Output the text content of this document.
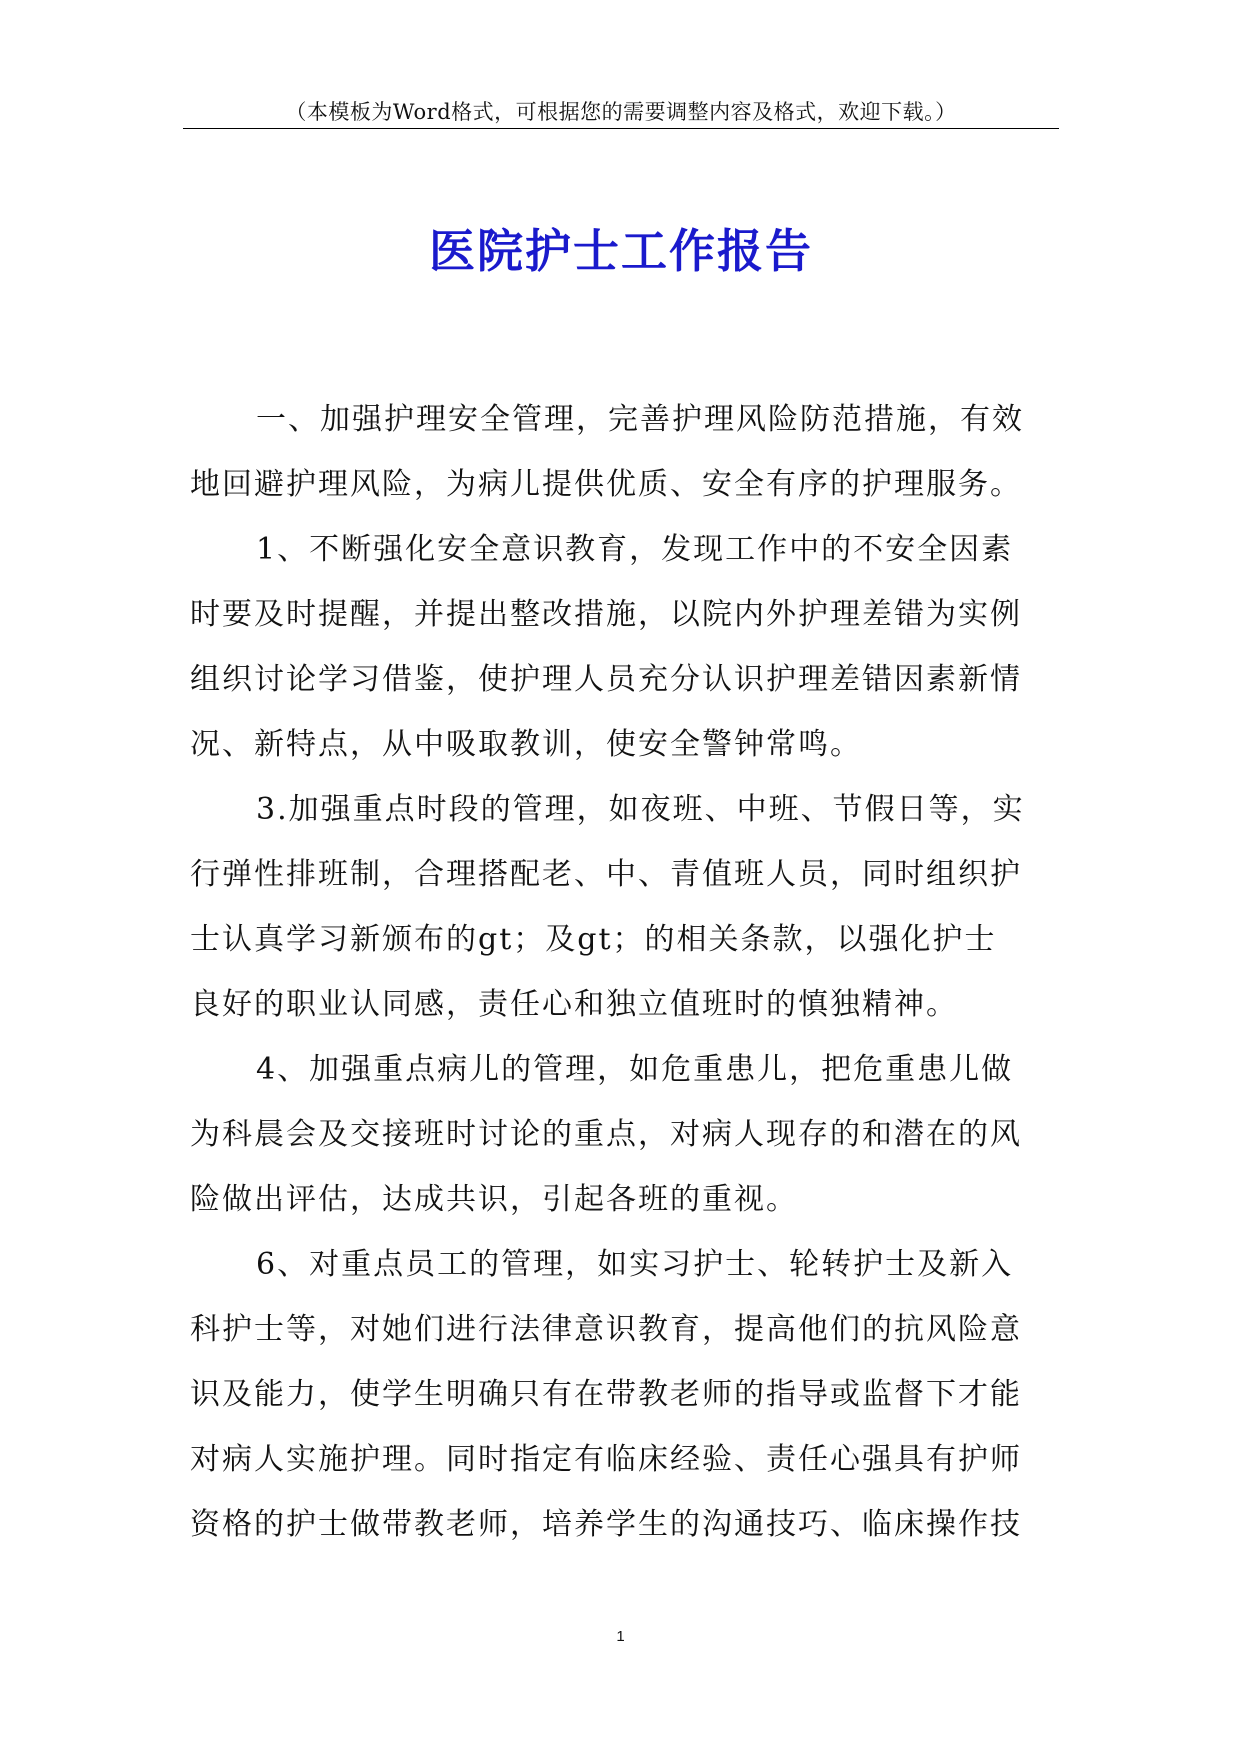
（本模板为Word格式，可根据您的需要调整内容及格式，欢迎下载。）
医院护士工作报告
一、加强护理安全管理，完善护理风险防范措施，有效
地回避护理风险，为病儿提供优质、安全有序的护理服务。
1、不断强化安全意识教育，发现工作中的不安全因素
时要及时提醒，并提出整改措施，以院内外护理差错为实例
组织讨论学习借鉴，使护理人员充分认识护理差错因素新情
况、新特点，从中吸取教训，使安全警钟常鸣。
3.加强重点时段的管理，如夜班、中班、节假日等，实
行弹性排班制，合理搭配老、中、青值班人员，同时组织护
士认真学习新颁布的gt；及gt；的相关条款，以强化护士
良好的职业认同感，责任心和独立值班时的慎独精神。
4、加强重点病儿的管理，如危重患儿，把危重患儿做
为科晨会及交接班时讨论的重点，对病人现存的和潜在的风
险做出评估，达成共识，引起各班的重视。
6、对重点员工的管理，如实习护士、轮转护士及新入
科护士等，对她们进行法律意识教育，提高他们的抗风险意
识及能力，使学生明确只有在带教老师的指导或监督下才能
对病人实施护理。同时指定有临床经验、责任心强具有护师
资格的护士做带教老师，培养学生的沟通技巧、临床操作技
1
